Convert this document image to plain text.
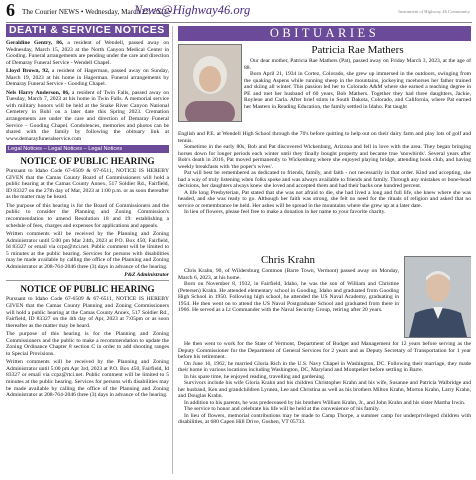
6 The Courier NEWS • Wednesday, March 22, 2023 •
News@Highway46.org	Instrument of Highway 46 Community
DEATH & SERVICE NOTICES

Geraldine Gentry, 86, a resident of Wendell, passed away on Wednesday, March 15, 2023 at the North Canyon Medical Center in Gooding. Funeral arrangements are pending under the care and direction of Demaray Funeral Service - Wendell Chapel.

Lloyd Brown, 92, a resident of Hagerman, passed away on Sunday, March 19, 2023 at his home in Hagerman. Funeral arrangements by Demaray Funeral Service - Gooding Chapel.

Nels Harry Anderson, 86, a resident of Twin Falls, passed away on Tuesday, March 7, 2023 at his home in Twin Falls. A memorial service with military honors will be held at the Snake River Canyon National Cemetery in Buhl on a later date this Spring 2023. Cremation arrangements are under the care and direction of Demaray Funeral Service – Gooding Chapel. Condolences, memories and photos can be shared with the family by following the obituary link at www.demarayfuneralservice.com

Legal Notices – Legal Notices – Legal Notices
NOTICE OF PUBLIC HEARING

Pursuant to Idaho Code 67-6509 & 67-6511, NOTICE IS HEREBY GIVEN that the Camas County Board of Commissioners will hold a public hearing at the Camas County Annex, 517 Soldier Rd., Fairfield, ID 83327 on the 27th day of Mar, 2023 at 1:00 p.m. or as soon thereafter as the matter may be heard.

The purpose of this hearing is for the Board of Commissioners and the public to consider the Planning and Zoning Commission's recommendation to amend Resolution 18 and 19: establishing a schedule of fees, charges and expenses for applications and appeals.

Written comments will be received by the Planning and Zoning Administrator until 5:00 pm Mar 24th, 2023 at P.O. Box 450, Fairfield, Id 83327 or email via ccpz@rtci.net. Public comment will be limited to 5 minutes at the public hearing. Services for persons with disabilities may be made available by calling the office of the Planning and Zoning Administrator at 208-764-2046 three (3) days in advance of the hearing.

P&Z Administrator
NOTICE OF PUBLIC HEARING

Pursuant to Idaho Code 67-6509 & 67-6511, NOTICE IS HEREBY GIVEN that the Camas County Planning and Zoning Commissioners will hold a public hearing at the Camas County Annex, 517 Soldier Rd., Fairfield, ID 83327 on the 4th day of Apr, 2023 at 7:05pm or as soon thereafter as the matter may be heard.

The purpose of this hearing is for the Planning and Zoning Commissioners and the public to make a recommendation to update the Zoning Ordinance Chapter 8 section C in order to add shooting ranges to Special Provisions.

Written comments will be received by the Planning and Zoning Administrator until 5:00 pm Apr 3rd, 2023 at P.O. Box 450, Fairfield, Id 83327 or email via ccpz@rtci.net. Public comment will be limited to 5 minutes at the public hearing. Services for persons with disabilities may be made available by calling the office of the Planning and Zoning Administrator at 208-764-2046 three (3) days in advance of the hearing.

OBITUARIES
Patricia Rae Mathers

Our dear mother, Patricia Rae Mathers (Pat), passed away on Friday March 3, 2023, at the age of 88.

Born April 21, 1934 in Cortez, Colorado, she grew up immersed in the outdoors, swinging from the quaking Aspens while running sheep in the mountains, jockeying racehorses her father trained and skiing all winter. This passion led her to Colorado A&M where she earned a teaching degree in PE and met her husband of 60 years, Bob Mathers. Together they had three daughters, Jackie, Roylene and Carla. After brief stints in South Dakota, Colorado, and California, where Pat earned her Masters in Reading Education, the family settled in Idaho. Pat taught

English and P.E. at Wendell High School through the 70's before quitting to help out on their dairy farm and play lots of golf and tennis.

Sometime in the early 80s, Bob and Pat discovered Wickenburg, Arizona and fell in love with the area. They began bringing horses down for longer periods each winter until they finally bought property and became true 'snowbirds'. Several years after Bob's death in 2016, Pat moved permanently to Wickenburg where she enjoyed playing bridge, attending book club, and having weekly breakfasts with 'the poper's wives'.

Pat will best be remembered as dedicated to friends, family, and faith - not necessarily in that order. Kind and accepting, she had a way of truly listening when folks spoke and was always available to friends and family. Through any mistakes or bone-head decisions, her daughters always knew she loved and accepted them and had their backs one hundred percent.

A life long Presbyterian, Pat stated that she was not afraid to die, she had lived a long and full life, she knew where she was headed, and she was ready to go. Although her faith was strong, she felt no need for the rituals of religion and asked that no service or remembrance be held. Her ashes will be spread in the mountains where she grew up at a later date.

In lieu of flowers, please feel free to make a donation in her name to your favorite charity.

Chris Krahn

Chris Krahn, 90, of Wildersburg Common (Barre Town, Vermont) passed away on Monday, March 6, 2023, at his home.

Born on November 8, 1932, in Fairfield, Idaho, he was the son of William and Christine (Petersen) Krahn. He attended elementary school in Gooding, Idaho and graduated from Gooding High School in 1950. Following high school, he attended the US Naval Academy, graduating in 1954. He then went on to attend the US Naval Postgraduate School and graduated from there in 1966. He served as a Lt Commander with the Naval Security Group, retiring after 20 years.

He then went to work for the State of Vermont, Department of Budget and Management for 12 years before serving as the Deputy Commissioner for the Department of General Services for 2 years and as Deputy Secretary of Transportation for 1 year before his retirement.

On June 16, 1962, he married Gloria Rich in the U.S. Navy Chapel in Washington, DC. Following their marriage, they made their home in various locations including Washington, DC, Maryland and Montpelier before settling in Barre.

In his spare time, he enjoyed reading, travelling and gardening.

Survivors include his wife Gloria Krahn and his children Christopher Krahn and his wife, Susanne and Patricia Walbridge and her husband, Ken and grandchildren Lynnea, Lee and Christina as well as his brothers Milton Krahn, Morton Krahn, Larry Krahn, and Douglas Krahn.

In addition to his parents, he was predeceased by his brothers William Krahn, Jr., and John Krahn and his sister Martha Irwin.

The service to honor and celebrate his life will be held at the convenience of his family.

In lieu of flowers, memorial contributions may be made to Camp Thorpe, a summer camp for underprivileged children with disabilities, at 680 Capen Hill Drive, Goshen, VT 05733.
